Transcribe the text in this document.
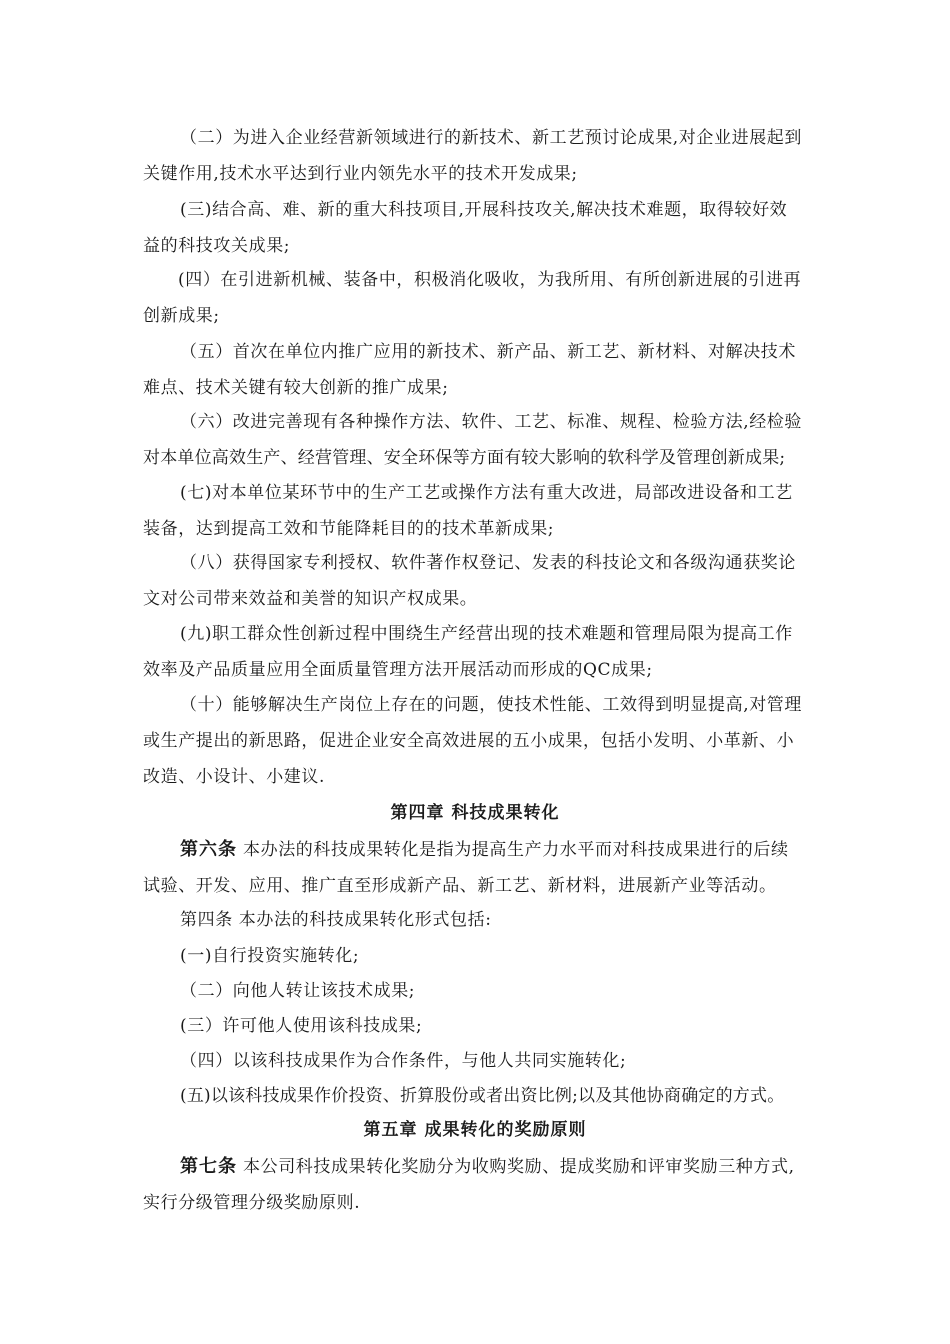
（二）为进入企业经营新领域进行的新技术、新工艺预讨论成果,对企业进展起到
关键作用,技术水平达到行业内领先水平的技术开发成果;
(三)结合高、难、新的重大科技项目,开展科技攻关,解决技术难题，取得较好效
益的科技攻关成果;
(四）在引进新机械、装备中，积极消化吸收，为我所用、有所创新进展的引进再
创新成果;
（五）首次在单位内推广应用的新技术、新产品、新工艺、新材料、对解决技术
难点、技术关键有较大创新的推广成果;
（六）改进完善现有各种操作方法、软件、工艺、标准、规程、检验方法,经检验
对本单位高效生产、经营管理、安全环保等方面有较大影响的软科学及管理创新成果;
(七)对本单位某环节中的生产工艺或操作方法有重大改进，局部改进设备和工艺
装备，达到提高工效和节能降耗目的的技术革新成果;
（八）获得国家专利授权、软件著作权登记、发表的科技论文和各级沟通获奖论
文对公司带来效益和美誉的知识产权成果。
(九)职工群众性创新过程中围绕生产经营出现的技术难题和管理局限为提高工作
效率及产品质量应用全面质量管理方法开展活动而形成的QC成果;
（十）能够解决生产岗位上存在的问题，使技术性能、工效得到明显提高,对管理
或生产提出的新思路，促进企业安全高效进展的五小成果，包括小发明、小革新、小
改造、小设计、小建议.
第四章 科技成果转化
第六条 本办法的科技成果转化是指为提高生产力水平而对科技成果进行的后续
试验、开发、应用、推广直至形成新产品、新工艺、新材料，进展新产业等活动。
第四条 本办法的科技成果转化形式包括:
(一)自行投资实施转化;
（二）向他人转让该技术成果;
(三）许可他人使用该科技成果;
（四）以该科技成果作为合作条件，与他人共同实施转化;
(五)以该科技成果作价投资、折算股份或者出资比例;以及其他协商确定的方式。
第五章 成果转化的奖励原则
第七条 本公司科技成果转化奖励分为收购奖励、提成奖励和评审奖励三种方式,
实行分级管理分级奖励原则.
